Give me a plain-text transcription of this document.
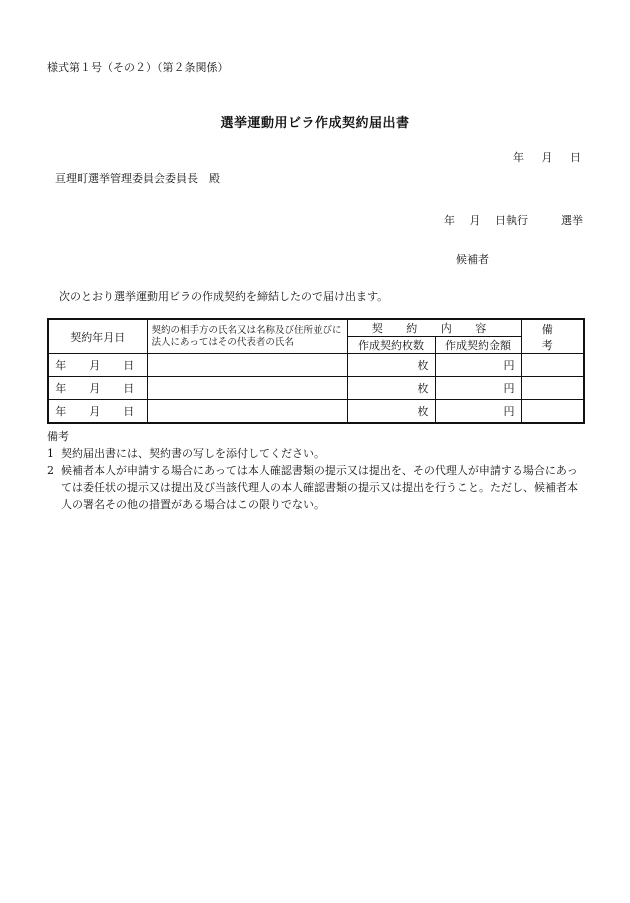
様式第１号（その２）（第２条関係）
選挙運動用ビラ作成契約届出書
年 月 日
亘理町選挙管理委員会委員長　殿
年　 月　 日執行　　　選挙
候補者
次のとおり選挙運動用ビラの作成契約を締結したので届け出ます。
契約年月日	契約の相手方の氏名又は名称及び住所並びに法人にあってはその代表者の氏名	契 約 内 容		備 考
		作成契約枚数	作成契約金額	
年　月　日		枚	円	
年　月　日		枚	円	
年　月　日		枚	円	
備考
1 契約届出書には、契約書の写しを添付してください。
2 候補者本人が申請する場合にあっては本人確認書類の提示又は提出を、その代理人が申請する場合にあっては委任状の提示又は提出及び当該代理人の本人確認書類の提示又は提出を行うこと。ただし、候補者本人の署名その他の措置がある場合はこの限りでない。
